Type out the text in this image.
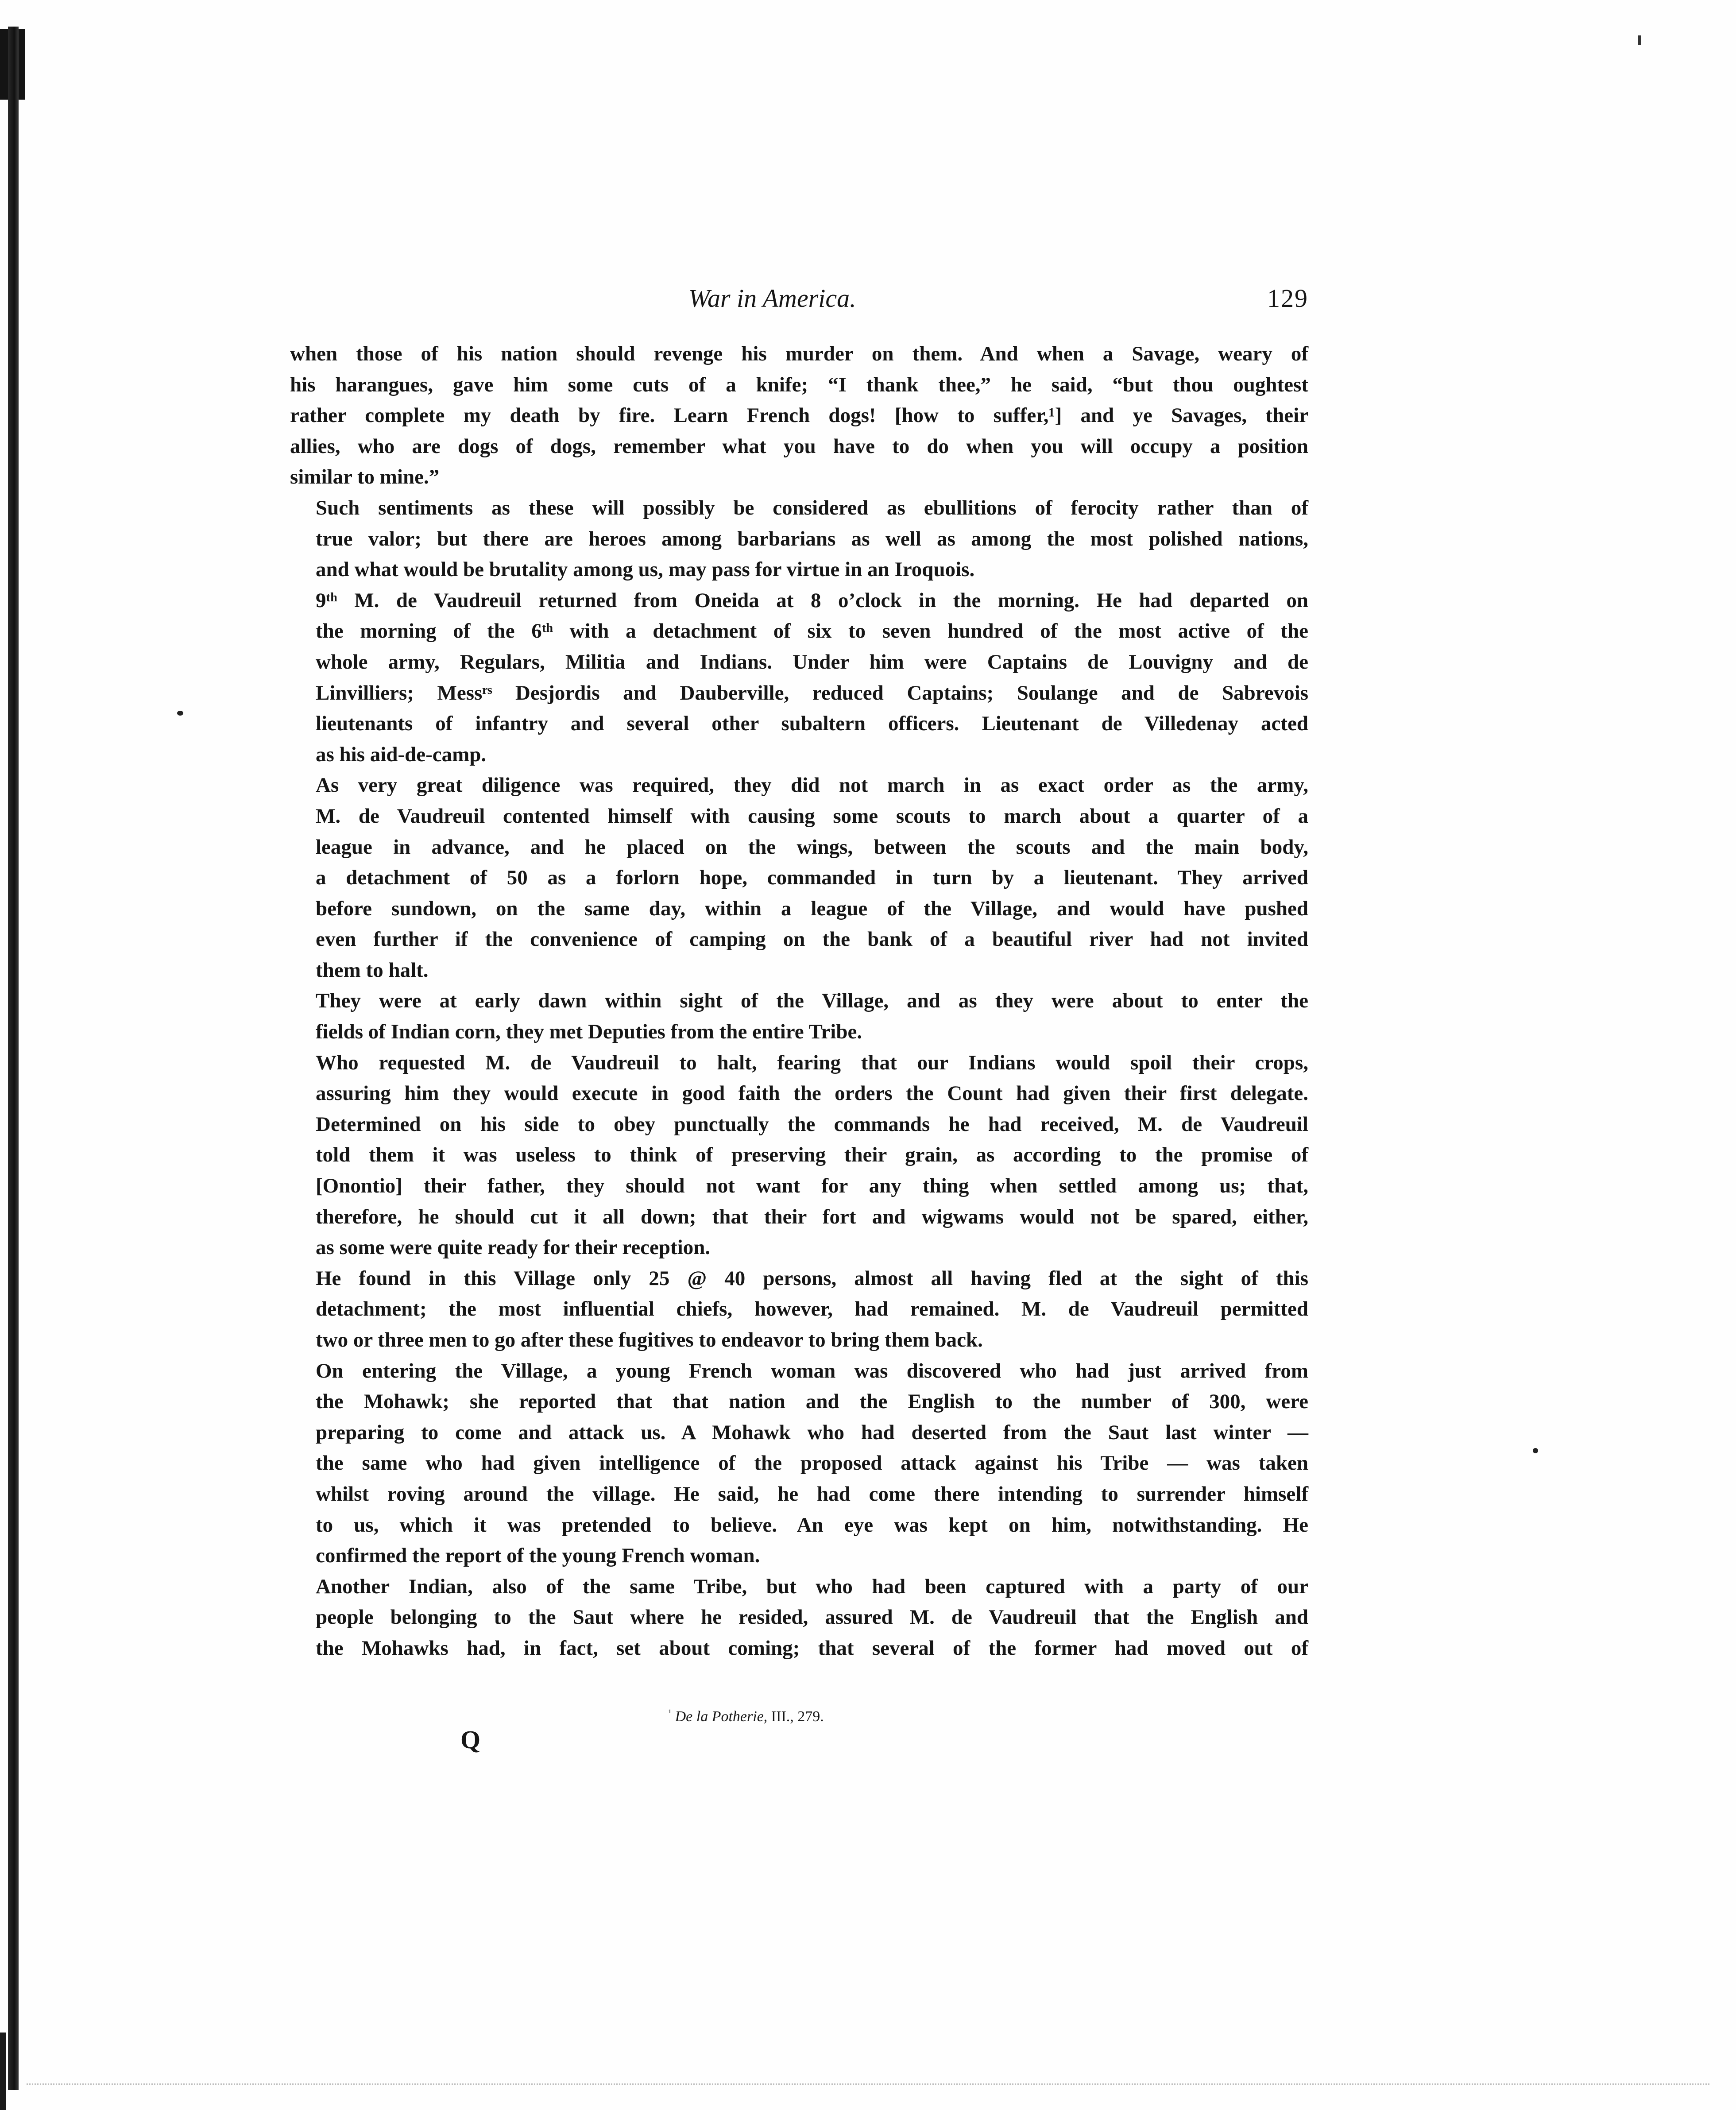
War in America.	129

when those of his nation should revenge his murder on them. And when a Savage, weary of
his harangues, gave him some cuts of a knife; “I thank thee,” he said, “but thou oughtest
rather complete my death by fire. Learn French dogs! [how to suffer,¹] and ye Savages, their
allies, who are dogs of dogs, remember what you have to do when you will occupy a position
similar to mine.”

Such sentiments as these will possibly be considered as ebullitions of ferocity rather than of
true valor; but there are heroes among barbarians as well as among the most polished nations,
and what would be brutality among us, may pass for virtue in an Iroquois.

9ᵗʰ M. de Vaudreuil returned from Oneida at 8 o’clock in the morning. He had departed on
the morning of the 6ᵗʰ with a detachment of six to seven hundred of the most active of the
whole army, Regulars, Militia and Indians. Under him were Captains de Louvigny and de
Linvilliers; Messʳˢ Desjordis and Dauberville, reduced Captains; Soulange and de Sabrevois
lieutenants of infantry and several other subaltern officers. Lieutenant de Villedenay acted
as his aid-de-camp.

As very great diligence was required, they did not march in as exact order as the army,
M. de Vaudreuil contented himself with causing some scouts to march about a quarter of a
league in advance, and he placed on the wings, between the scouts and the main body,
a detachment of 50 as a forlorn hope, commanded in turn by a lieutenant. They arrived
before sundown, on the same day, within a league of the Village, and would have pushed
even further if the convenience of camping on the bank of a beautiful river had not invited
them to halt.

They were at early dawn within sight of the Village, and as they were about to enter the
fields of Indian corn, they met Deputies from the entire Tribe.

Who requested M. de Vaudreuil to halt, fearing that our Indians would spoil their crops,
assuring him they would execute in good faith the orders the Count had given their first delegate.

Determined on his side to obey punctually the commands he had received, M. de Vaudreuil
told them it was useless to think of preserving their grain, as according to the promise of
[Onontio] their father, they should not want for any thing when settled among us; that,
therefore, he should cut it all down; that their fort and wigwams would not be spared, either,
as some were quite ready for their reception.

He found in this Village only 25 @ 40 persons, almost all having fled at the sight of this
detachment; the most influential chiefs, however, had remained. M. de Vaudreuil permitted
two or three men to go after these fugitives to endeavor to bring them back.

On entering the Village, a young French woman was discovered who had just arrived from
the Mohawk; she reported that that nation and the English to the number of 300, were
preparing to come and attack us. A Mohawk who had deserted from the Saut last winter —
the same who had given intelligence of the proposed attack against his Tribe — was taken
whilst roving around the village. He said, he had come there intending to surrender himself
to us, which it was pretended to believe. An eye was kept on him, notwithstanding. He
confirmed the report of the young French woman.

Another Indian, also of the same Tribe, but who had been captured with a party of our
people belonging to the Saut where he resided, assured M. de Vaudreuil that the English and
the Mohawks had, in fact, set about coming; that several of the former had moved out of

$^{^1}$ De la Potherie, III., 279.
Q
